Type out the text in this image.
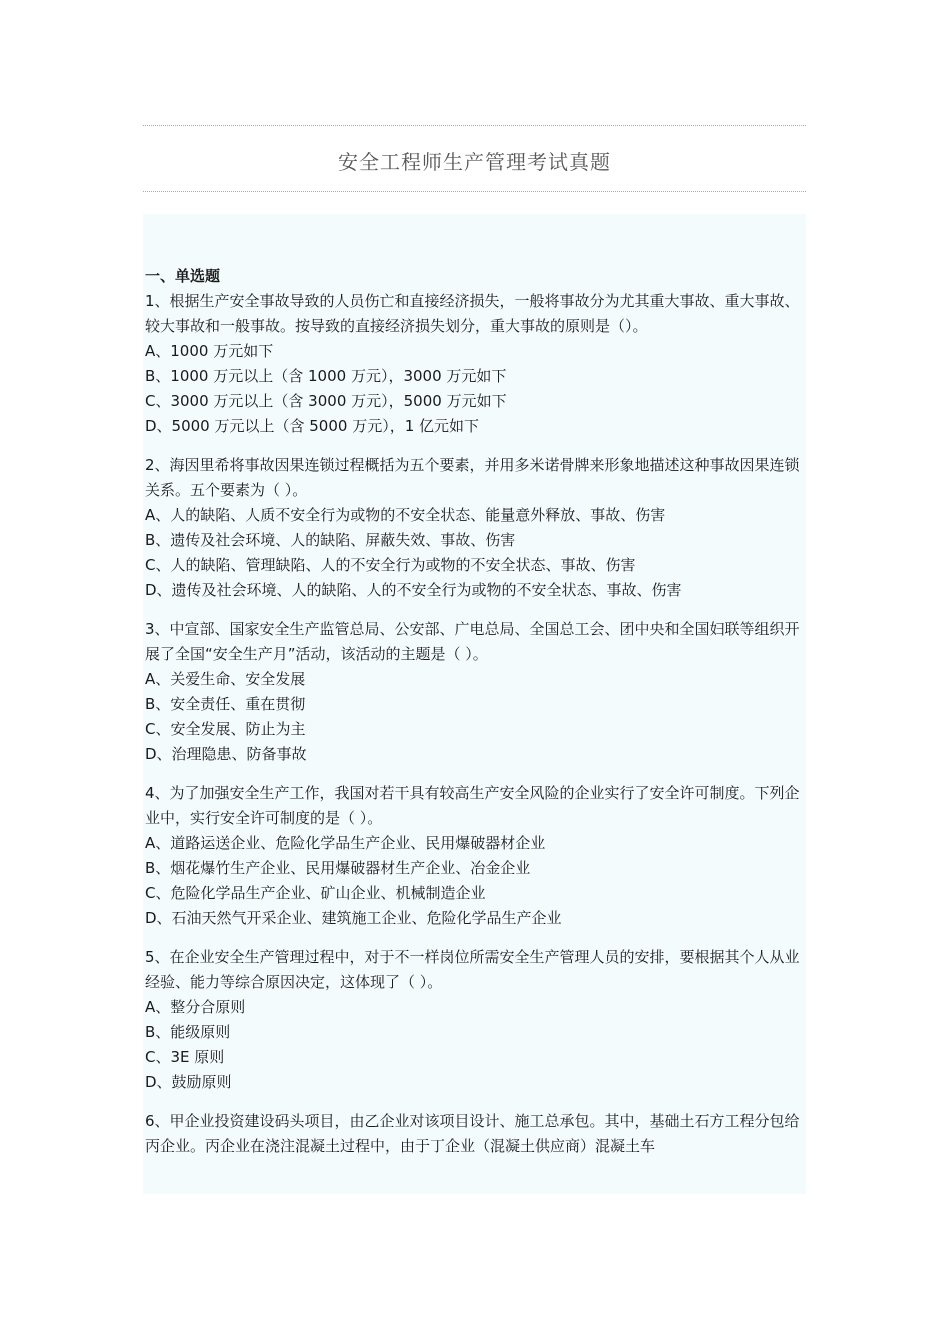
安全工程师生产管理考试真题
一、单选题
1、根据生产安全事故导致的人员伤亡和直接经济损失，一般将事故分为尤其重大事故、重大事故、较大事故和一般事故。按导致的直接经济损失划分，重大事故的原则是（）。
A、1000 万元如下
B、1000 万元以上（含 1000 万元），3000 万元如下
C、3000 万元以上（含 3000 万元），5000 万元如下
D、5000 万元以上（含 5000 万元），1 亿元如下
2、海因里希将事故因果连锁过程概括为五个要素，并用多米诺骨牌来形象地描述这种事故因果连锁关系。五个要素为（ ）。
A、人的缺陷、人质不安全行为或物的不安全状态、能量意外释放、事故、伤害
B、遗传及社会环境、人的缺陷、屏蔽失效、事故、伤害
C、人的缺陷、管理缺陷、人的不安全行为或物的不安全状态、事故、伤害
D、遗传及社会环境、人的缺陷、人的不安全行为或物的不安全状态、事故、伤害
3、中宣部、国家安全生产监管总局、公安部、广电总局、全国总工会、团中央和全国妇联等组织开展了全国“安全生产月”活动，该活动的主题是（ ）。
A、关爱生命、安全发展
B、安全责任、重在贯彻
C、安全发展、防止为主
D、治理隐患、防备事故
4、为了加强安全生产工作，我国对若干具有较高生产安全风险的企业实行了安全许可制度。下列企业中，实行安全许可制度的是（ ）。
A、道路运送企业、危险化学品生产企业、民用爆破器材企业
B、烟花爆竹生产企业、民用爆破器材生产企业、冶金企业
C、危险化学品生产企业、矿山企业、机械制造企业
D、石油天然气开采企业、建筑施工企业、危险化学品生产企业
5、在企业安全生产管理过程中，对于不一样岗位所需安全生产管理人员的安排，要根据其个人从业经验、能力等综合原因决定，这体现了（ ）。
A、整分合原则
B、能级原则
C、3E 原则
D、鼓励原则
6、甲企业投资建设码头项目，由乙企业对该项目设计、施工总承包。其中，基础土石方工程分包给丙企业。丙企业在浇注混凝土过程中，由于丁企业（混凝土供应商）混凝土车
